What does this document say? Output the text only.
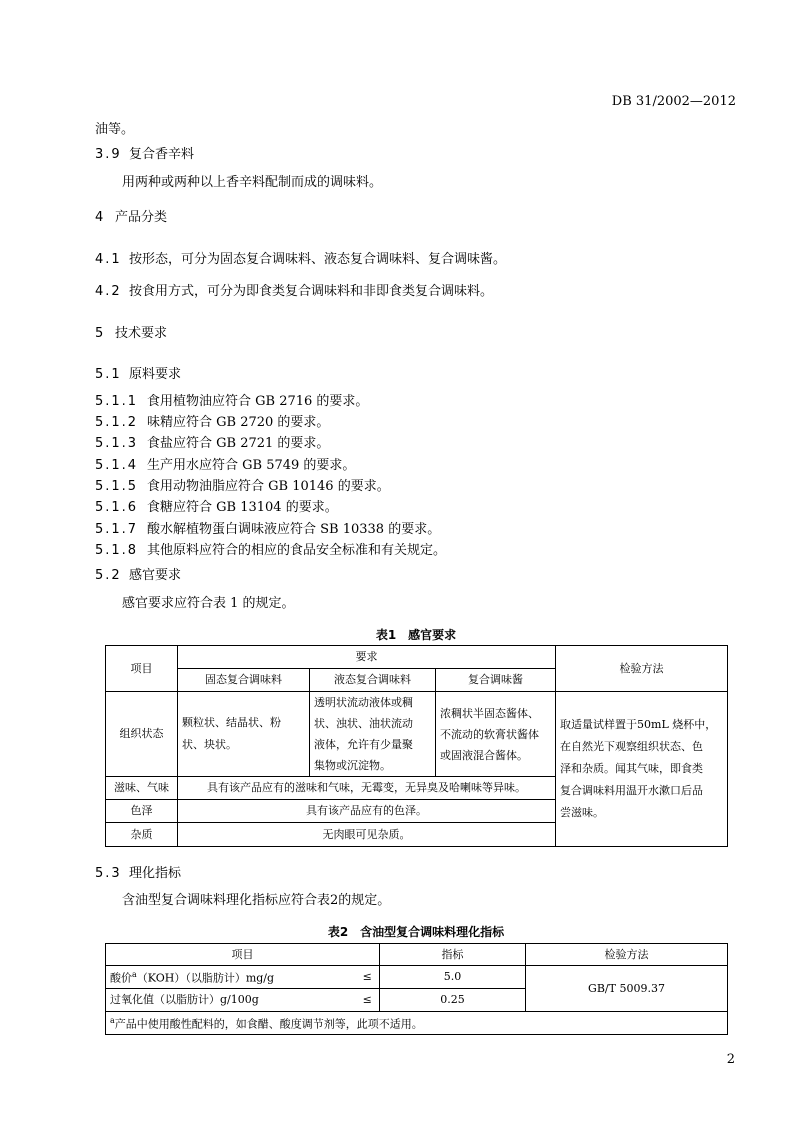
DB 31/2002—2012
油等。
3.9 复合香辛料
用两种或两种以上香辛料配制而成的调味料。
4 产品分类
4.1 按形态，可分为固态复合调味料、液态复合调味料、复合调味酱。
4.2 按食用方式，可分为即食类复合调味料和非即食类复合调味料。
5 技术要求
5.1 原料要求
5.1.1 食用植物油应符合 GB 2716 的要求。
5.1.2 味精应符合 GB 2720 的要求。
5.1.3 食盐应符合 GB 2721 的要求。
5.1.4 生产用水应符合 GB 5749 的要求。
5.1.5 食用动物油脂应符合 GB 10146 的要求。
5.1.6 食糖应符合 GB 13104 的要求。
5.1.7 酸水解植物蛋白调味液应符合 SB 10338 的要求。
5.1.8 其他原料应符合的相应的食品安全标准和有关规定。
5.2 感官要求
感官要求应符合表 1 的规定。
表1　感官要求
项目	要求			检验方法
	固态复合调味料	液态复合调味料	复合调味酱	
组织状态	颗粒状、结晶状、粉
状、块状。	透明状流动液体或稠
状、浊状、油状流动
液体，允许有少量聚
集物或沉淀物。	浓稠状半固态酱体、
不流动的软膏状酱体
或固液混合酱体。	取适量试样置于50mL 烧杯中，
在自然光下观察组织状态、色
泽和杂质。闻其气味，即食类
复合调味料用温开水漱口后品
尝滋味。
滋味、气味	具有该产品应有的滋味和气味，无霉变，无异臭及哈喇味等异味。			
色泽	具有该产品应有的色泽。			
杂质	无肉眼可见杂质。			
5.3 理化指标
含油型复合调味料理化指标应符合表2的规定。
表2　含油型复合调味料理化指标
项目		指标	检验方法
酸价$^a$（KOH）（以脂肪计）mg/g	≤	5.0	GB/T 5009.37
过氧化值（以脂肪计）g/100g	≤	0.25	
$^a$产品中使用酸性配料的，如食醋、酸度调节剂等，此项不适用。			
2
